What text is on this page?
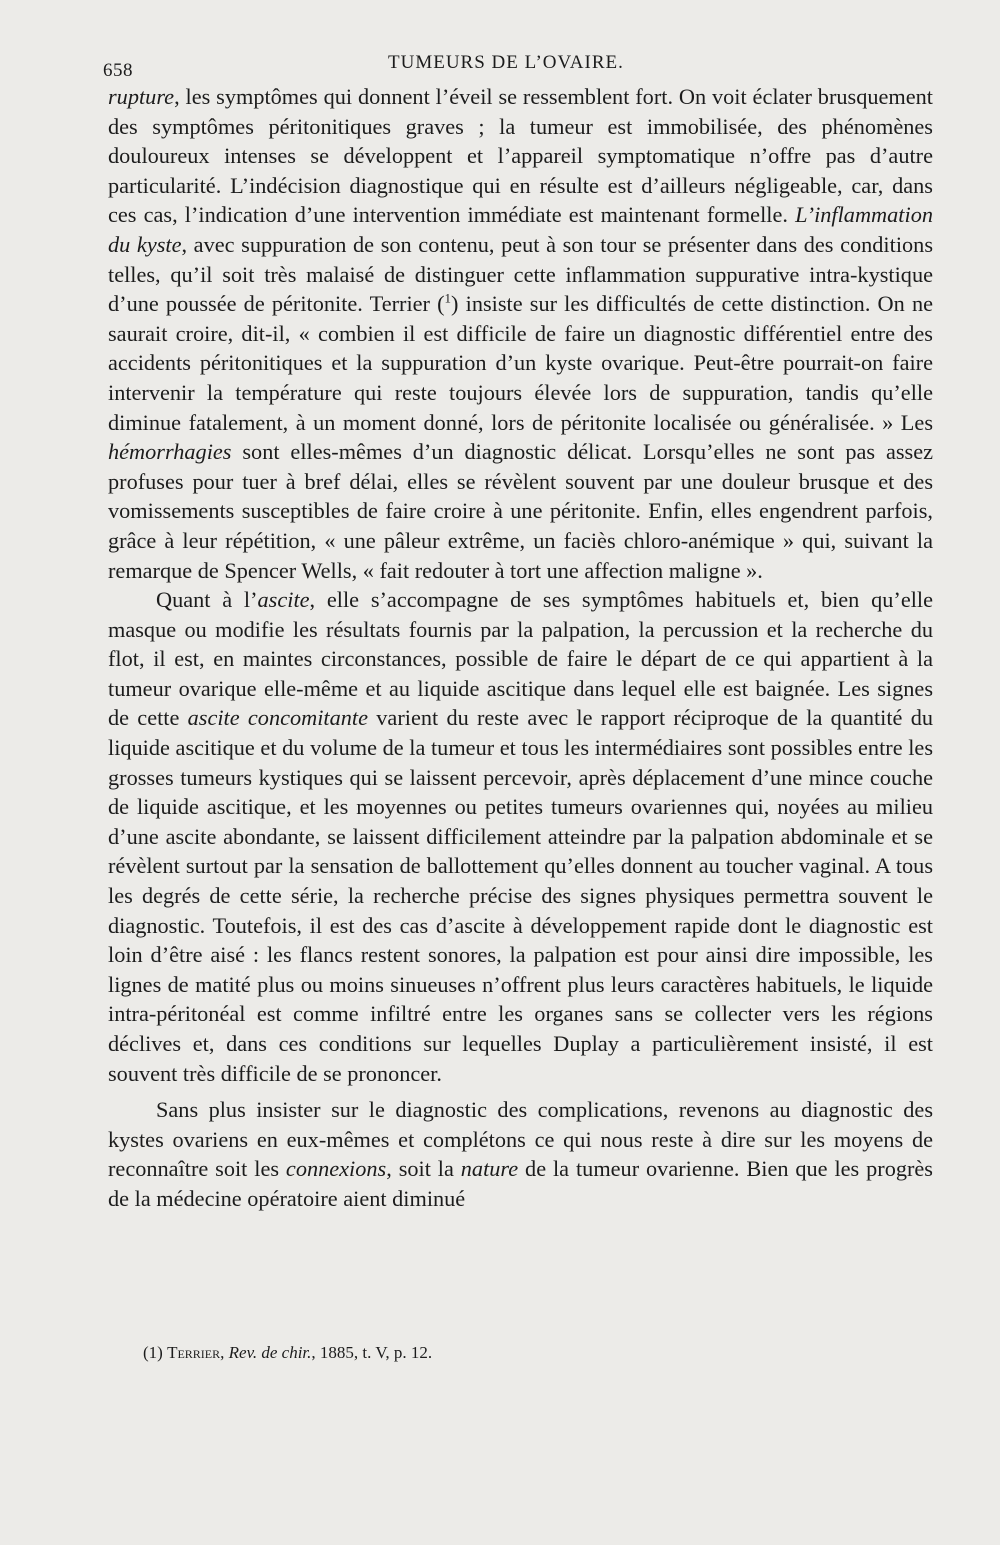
658	TUMEURS DE L’OVAIRE.

rupture, les symptômes qui donnent l’éveil se ressemblent fort. On voit éclater brusquement des symptômes péritonitiques graves ; la tumeur est immobilisée, des phénomènes douloureux intenses se développent et l’appareil symptomatique n’offre pas d’autre particularité. L’indécision diagnostique qui en résulte est d’ailleurs négligeable, car, dans ces cas, l’indication d’une intervention immédiate est maintenant formelle. L’inflammation du kyste, avec suppuration de son contenu, peut à son tour se présenter dans des conditions telles, qu’il soit très malaisé de distinguer cette inflammation suppurative intra-kystique d’une poussée de péritonite. Terrier ($^1$) insiste sur les difficultés de cette distinction. On ne saurait croire, dit-il, « combien il est difficile de faire un diagnostic différentiel entre des accidents péritonitiques et la suppuration d’un kyste ovarique. Peut-être pourrait-on faire intervenir la température qui reste toujours élevée lors de suppuration, tandis qu’elle diminue fatalement, à un moment donné, lors de péritonite localisée ou généralisée. » Les hémorrhagies sont elles-mêmes d’un diagnostic délicat. Lorsqu’elles ne sont pas assez profuses pour tuer à bref délai, elles se révèlent souvent par une douleur brusque et des vomissements susceptibles de faire croire à une péritonite. Enfin, elles engendrent parfois, grâce à leur répétition, « une pâleur extrême, un faciès chloro-anémique » qui, suivant la remarque de Spencer Wells, « fait redouter à tort une affection maligne ».

Quant à l’ascite, elle s’accompagne de ses symptômes habituels et, bien qu’elle masque ou modifie les résultats fournis par la palpation, la percussion et la recherche du flot, il est, en maintes circonstances, possible de faire le départ de ce qui appartient à la tumeur ovarique elle-même et au liquide ascitique dans lequel elle est baignée. Les signes de cette ascite concomitante varient du reste avec le rapport réciproque de la quantité du liquide ascitique et du volume de la tumeur et tous les intermédiaires sont possibles entre les grosses tumeurs kystiques qui se laissent percevoir, après déplacement d’une mince couche de liquide ascitique, et les moyennes ou petites tumeurs ovariennes qui, noyées au milieu d’une ascite abondante, se laissent difficilement atteindre par la palpation abdominale et se révèlent surtout par la sensation de ballottement qu’elles donnent au toucher vaginal. A tous les degrés de cette série, la recherche précise des signes physiques permettra souvent le diagnostic. Toutefois, il est des cas d’ascite à développement rapide dont le diagnostic est loin d’être aisé : les flancs restent sonores, la palpation est pour ainsi dire impossible, les lignes de matité plus ou moins sinueuses n’offrent plus leurs caractères habituels, le liquide intra-péritonéal est comme infiltré entre les organes sans se collecter vers les régions déclives et, dans ces conditions sur lequelles Duplay a particulièrement insisté, il est souvent très difficile de se prononcer.

Sans plus insister sur le diagnostic des complications, revenons au diagnostic des kystes ovariens en eux-mêmes et complétons ce qui nous reste à dire sur les moyens de reconnaître soit les connexions, soit la nature de la tumeur ovarienne. Bien que les progrès de la médecine opératoire aient diminué

(1) Terrier, Rev. de chir., 1885, t. V, p. 12.
